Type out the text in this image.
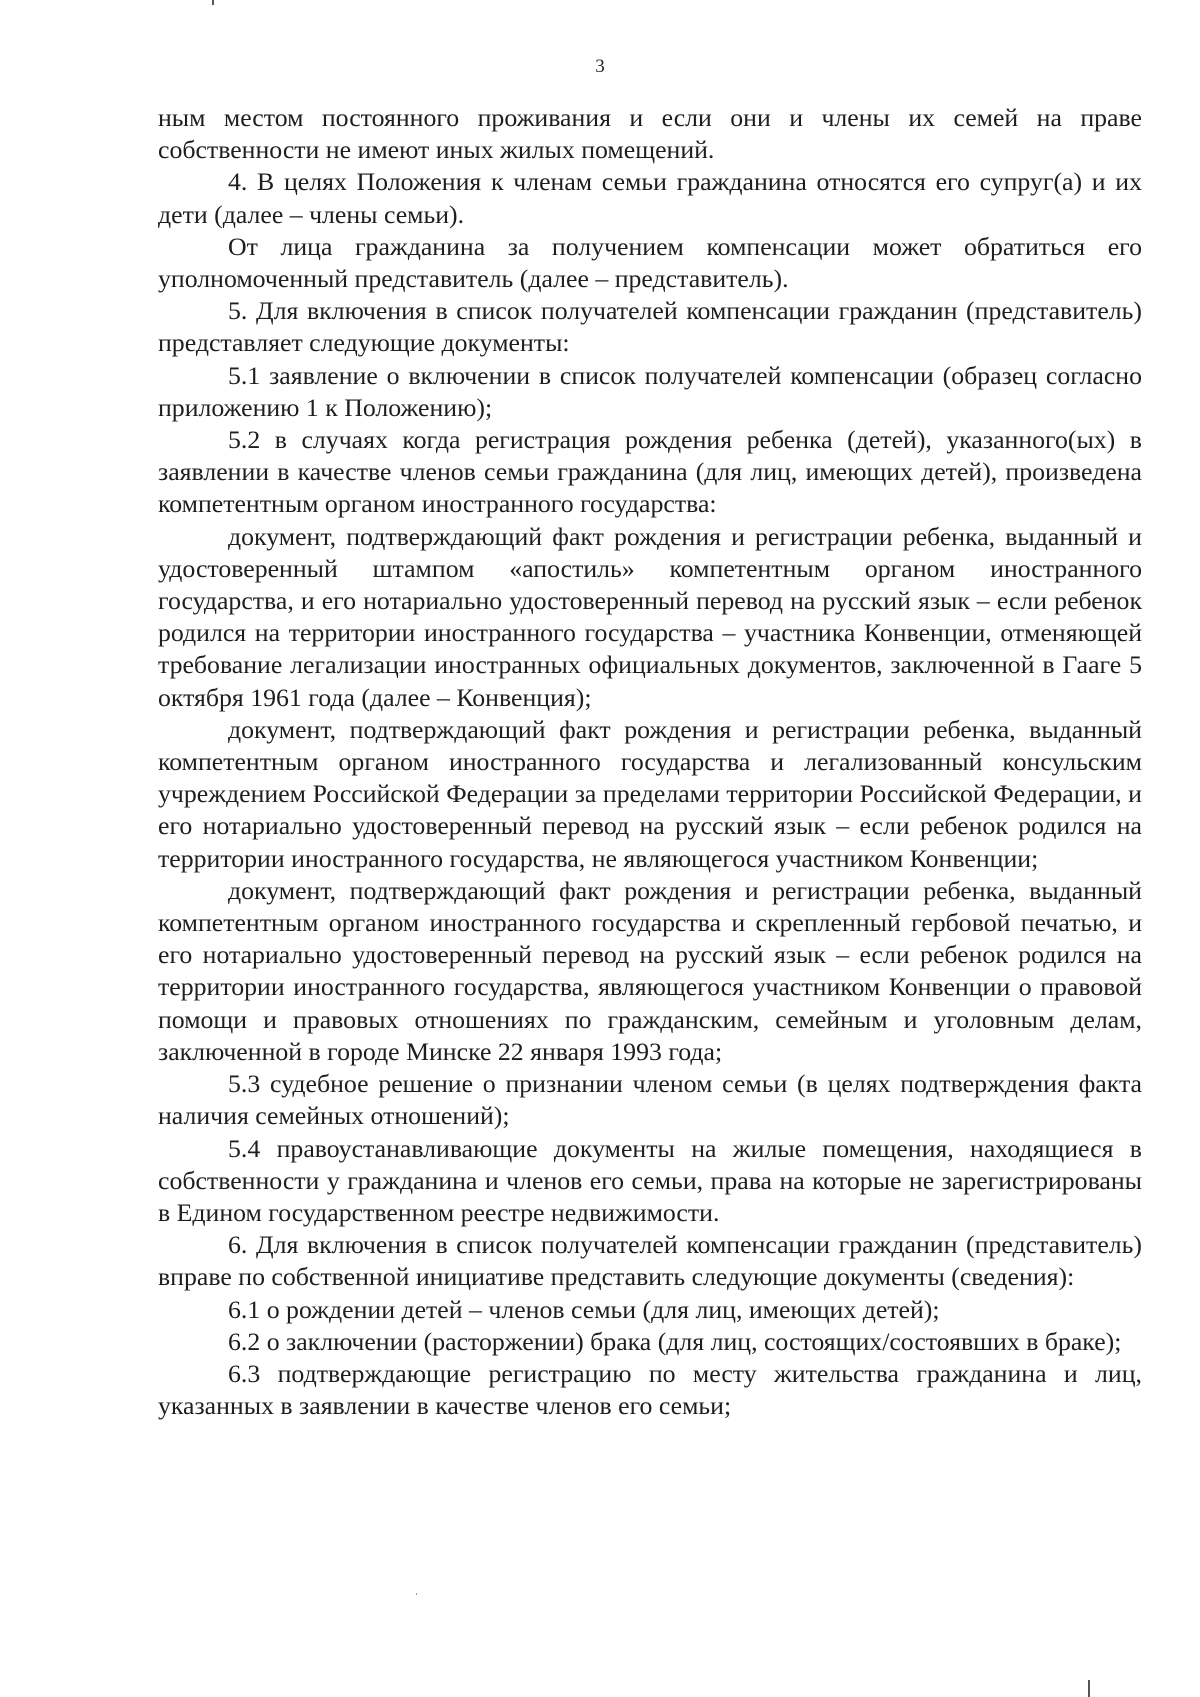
3

ным местом постоянного проживания и если они и члены их семей на праве собственности не имеют иных жилых помещений.

4. В целях Положения к членам семьи гражданина относятся его супруг(а) и их дети (далее – члены семьи).

От лица гражданина за получением компенсации может обратиться его уполномоченный представитель (далее – представитель).

5. Для включения в список получателей компенсации гражданин (представитель) представляет следующие документы:

5.1 заявление о включении в список получателей компенсации (образец согласно приложению 1 к Положению);

5.2 в случаях когда регистрация рождения ребенка (детей), указанного(ых) в заявлении в качестве членов семьи гражданина (для лиц, имеющих детей), произведена компетентным органом иностранного государства:

документ, подтверждающий факт рождения и регистрации ребенка, выданный и удостоверенный штампом «апостиль» компетентным органом иностранного государства, и его нотариально удостоверенный перевод на русский язык – если ребенок родился на территории иностранного государства – участника Конвенции, отменяющей требование легализации иностранных официальных документов, заключенной в Гааге 5 октября 1961 года (далее – Конвенция);

документ, подтверждающий факт рождения и регистрации ребенка, выданный компетентным органом иностранного государства и легализованный консульским учреждением Российской Федерации за пределами территории Российской Федерации, и его нотариально удостоверенный перевод на русский язык – если ребенок родился на территории иностранного государства, не являющегося участником Конвенции;

документ, подтверждающий факт рождения и регистрации ребенка, выданный компетентным органом иностранного государства и скрепленный гербовой печатью, и его нотариально удостоверенный перевод на русский язык – если ребенок родился на территории иностранного государства, являющегося участником Конвенции о правовой помощи и правовых отношениях по гражданским, семейным и уголовным делам, заключенной в городе Минске 22 января 1993 года;

5.3 судебное решение о признании членом семьи (в целях подтверждения факта наличия семейных отношений);

5.4 правоустанавливающие документы на жилые помещения, находящиеся в собственности у гражданина и членов его семьи, права на которые не зарегистрированы в Едином государственном реестре недвижимости.

6. Для включения в список получателей компенсации гражданин (представитель) вправе по собственной инициативе представить следующие документы (сведения):

6.1 о рождении детей – членов семьи (для лиц, имеющих детей);

6.2 о заключении (расторжении) брака (для лиц, состоящих/состоявших в браке);

6.3 подтверждающие регистрацию по месту жительства гражданина и лиц, указанных в заявлении в качестве членов его семьи;
